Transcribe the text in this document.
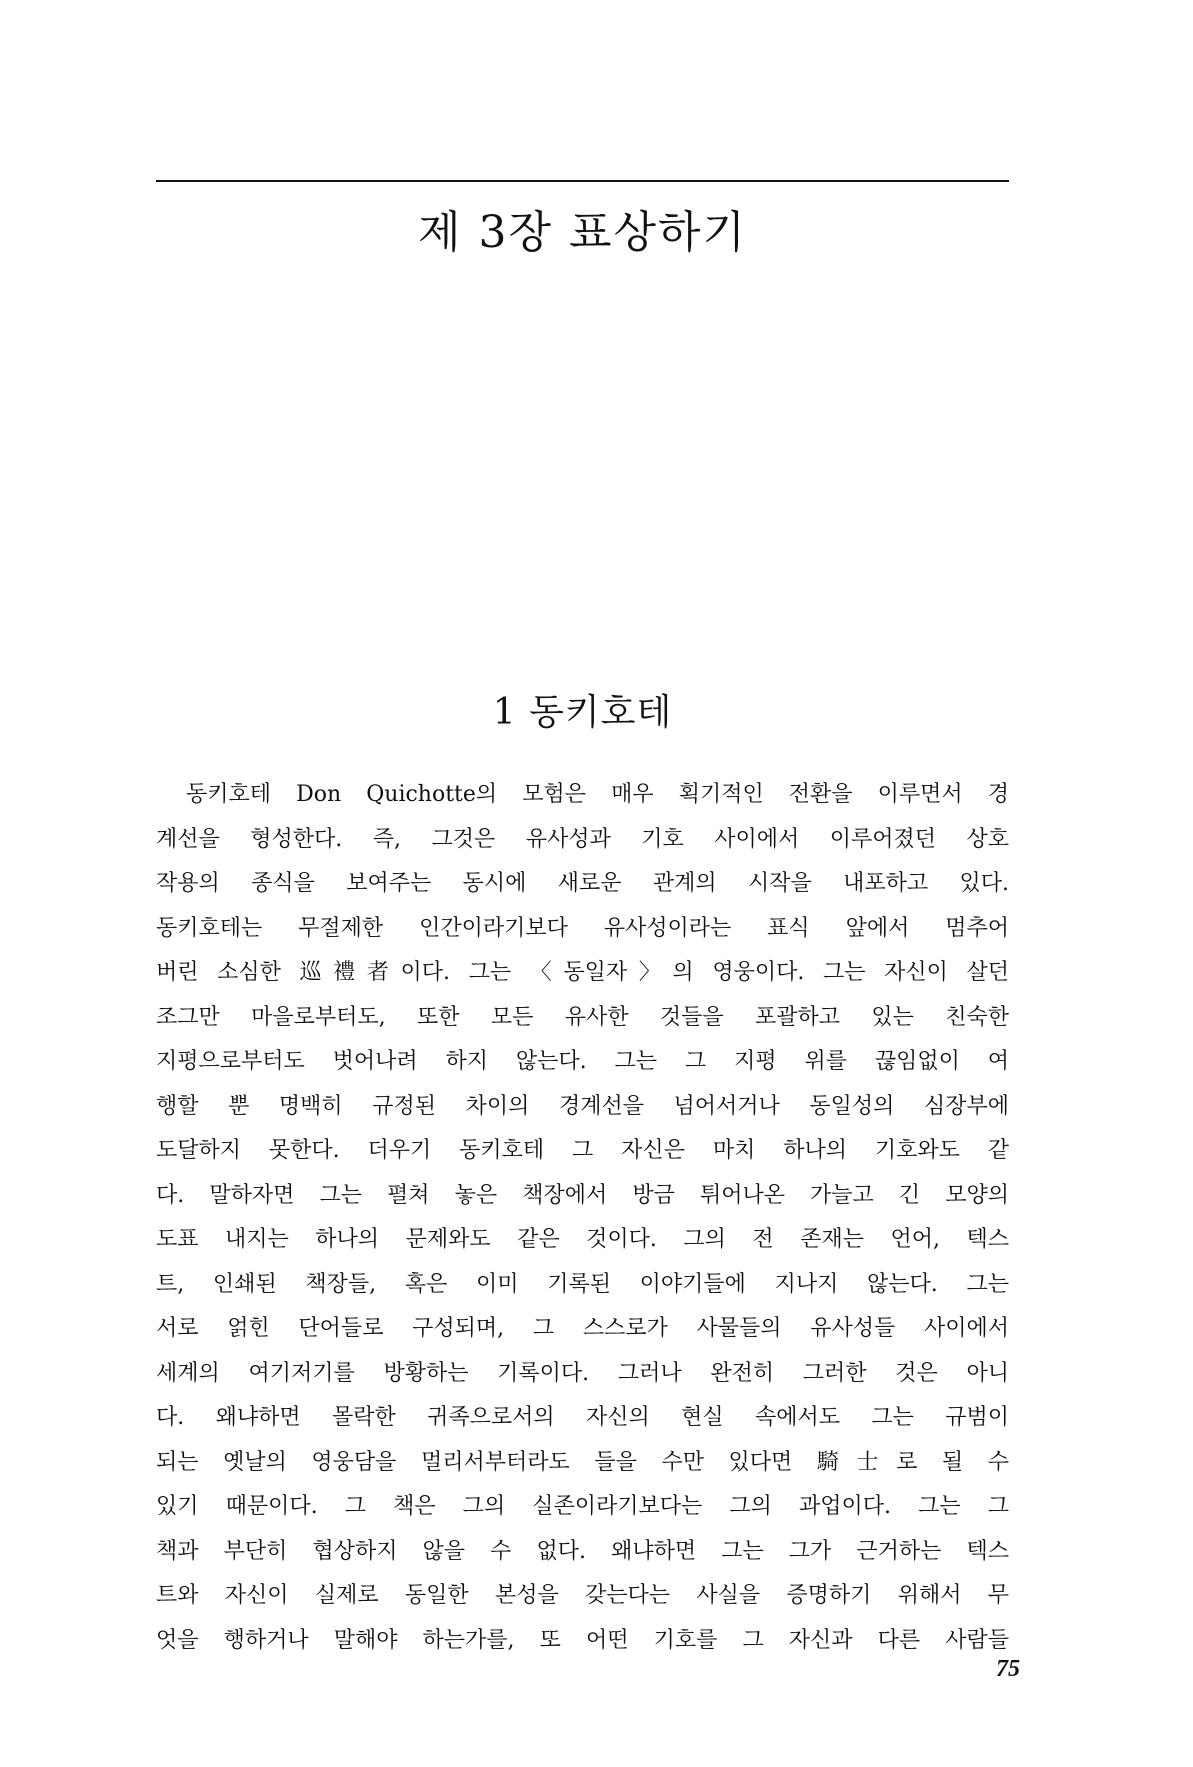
제 3장 표상하기
1 동키호테
동키호테 Don Quichotte의 모험은 매우 획기적인 전환을 이루면서 경
계선을 형성한다. 즉, 그것은 유사성과 기호 사이에서 이루어졌던 상호
작용의 종식을 보여주는 동시에 새로운 관계의 시작을 내포하고 있다.
동키호테는 무절제한 인간이라기보다 유사성이라는 표식 앞에서 멈추어
버린 소심한 巡禮者이다. 그는 〈동일자〉의 영웅이다. 그는 자신이 살던
조그만 마을로부터도, 또한 모든 유사한 것들을 포괄하고 있는 친숙한
지평으로부터도 벗어나려 하지 않는다. 그는 그 지평 위를 끊임없이 여
행할 뿐 명백히 규정된 차이의 경계선을 넘어서거나 동일성의 심장부에
도달하지 못한다. 더우기 동키호테 그 자신은 마치 하나의 기호와도 같
다. 말하자면 그는 펼쳐 놓은 책장에서 방금 튀어나온 가늘고 긴 모양의
도표 내지는 하나의 문제와도 같은 것이다. 그의 전 존재는 언어, 텍스
트, 인쇄된 책장들, 혹은 이미 기록된 이야기들에 지나지 않는다. 그는
서로 얽힌 단어들로 구성되며, 그 스스로가 사물들의 유사성들 사이에서
세계의 여기저기를 방황하는 기록이다. 그러나 완전히 그러한 것은 아니
다. 왜냐하면 몰락한 귀족으로서의 자신의 현실 속에서도 그는 규범이
되는 옛날의 영웅담을 멀리서부터라도 들을 수만 있다면 騎士로 될 수
있기 때문이다. 그 책은 그의 실존이라기보다는 그의 과업이다. 그는 그
책과 부단히 협상하지 않을 수 없다. 왜냐하면 그는 그가 근거하는 텍스
트와 자신이 실제로 동일한 본성을 갖는다는 사실을 증명하기 위해서 무
엇을 행하거나 말해야 하는가를, 또 어떤 기호를 그 자신과 다른 사람들
75
